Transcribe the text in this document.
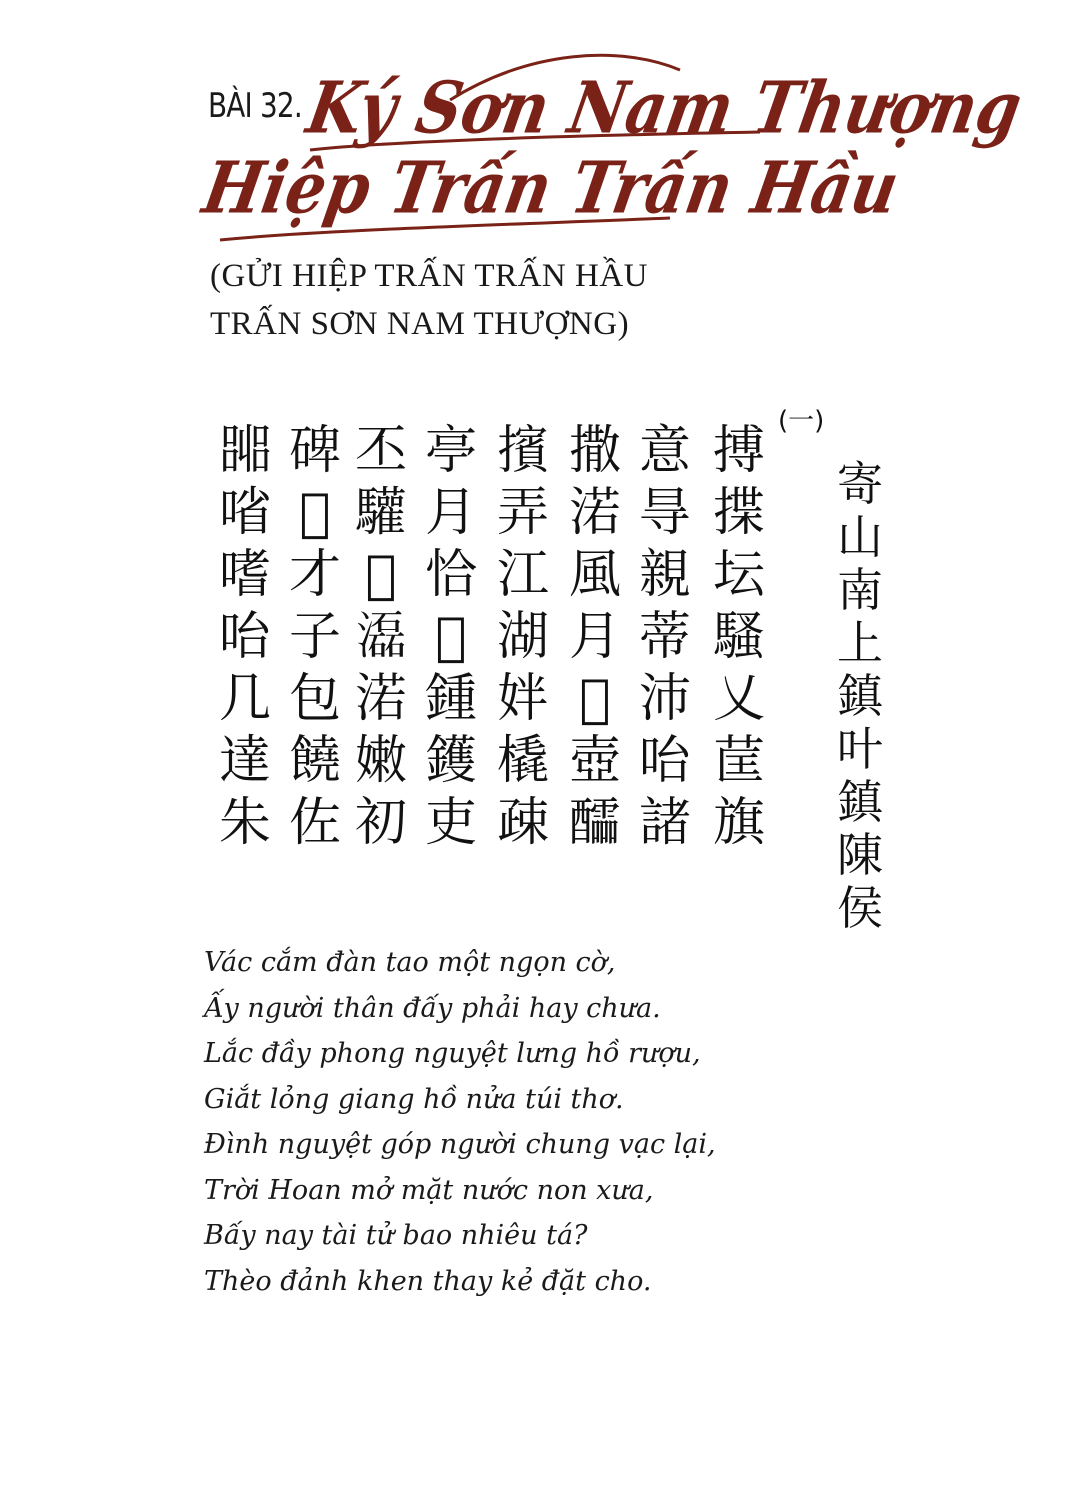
BÀI 32. Ký Sơn Nam Thượng
Hiệp Trấn Trấn Hầu
(GỬI HIỆP TRẤN TRẤN HẦU
TRẤN SƠN NAM THƯỢNG)
(一)
寄
山
南
上
鎮
叶
鎮
陳
侯
搏
揲
坛
騷
乂
䒰
旗
意
㝵
親
蒂
沛
咍
諸
撒
渃
風
月
𣍋
壺
醽
擯
弄
江
湖
姅
橇
疎
亭
月
恰
𠶋
鍾
鑊
吏
丕
驩
𤴬
𤂬
渃
嫩
初
碑
𠸗
才
子
包
饒
佐
嘂
㗂
嗜
咍
几
達
朱
Vác cắm đàn tao một ngọn cờ,
Ấy người thân đấy phải hay chưa.
Lắc đầy phong nguyệt lưng hồ rượu,
Giắt lỏng giang hồ nửa túi thơ.
Đình nguyệt góp người chung vạc lại,
Trời Hoan mở mặt nước non xưa,
Bấy nay tài tử bao nhiêu tá?
Thèo đảnh khen thay kẻ đặt cho.
